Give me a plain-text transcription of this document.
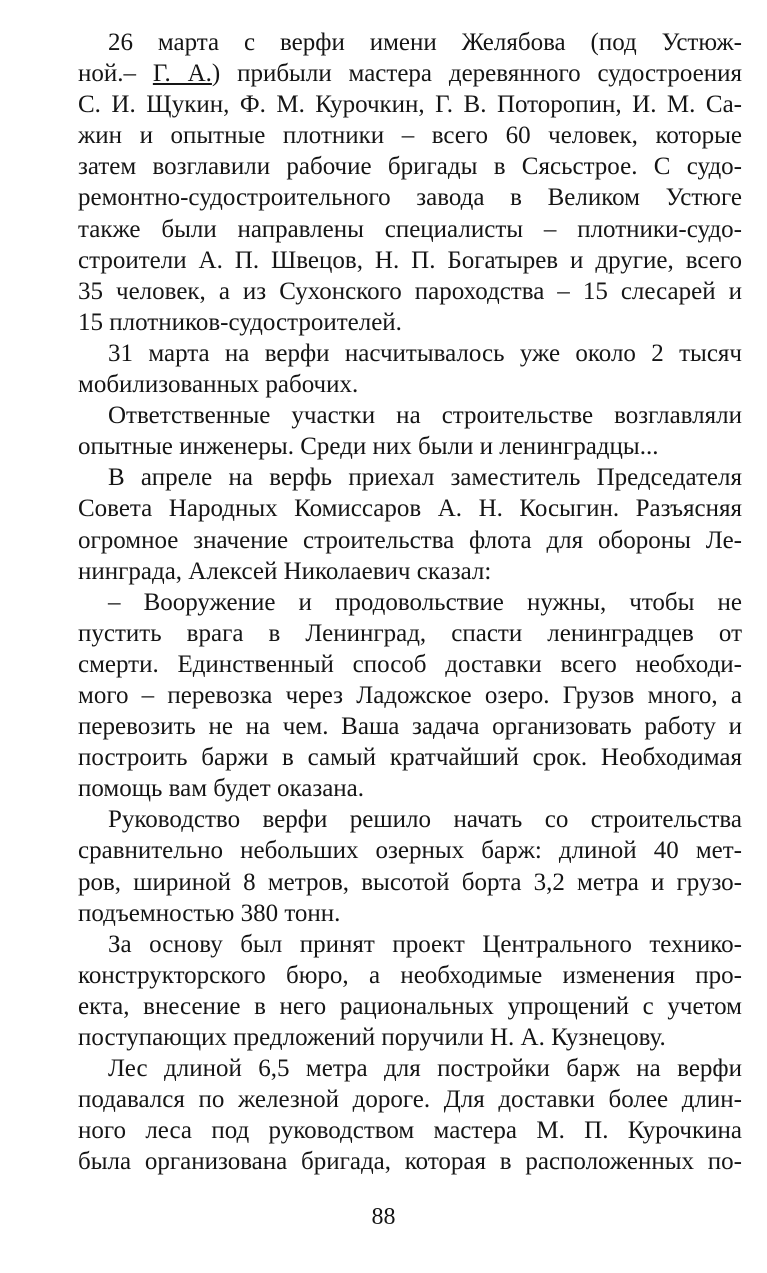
26 марта с верфи имени Желябова (под Устюж-
ной.– Г. А.) прибыли мастера деревянного судостроения
С. И. Щукин, Ф. М. Курочкин, Г. В. Поторопин, И. М. Са-
жин и опытные плотники – всего 60 человек, которые
затем возглавили рабочие бригады в Сясьстрое. С судо-
ремонтно-судостроительного завода в Великом Устюге
также были направлены специалисты – плотники-судо-
строители А. П. Швецов, Н. П. Богатырев и другие, всего
35 человек, а из Сухонского пароходства – 15 слесарей и
15 плотников-судостроителей.
31 марта на верфи насчитывалось уже около 2 тысяч
мобилизованных рабочих.
Ответственные участки на строительстве возглавляли
опытные инженеры. Среди них были и ленинградцы...
В апреле на верфь приехал заместитель Председателя
Совета Народных Комиссаров А. Н. Косыгин. Разъясняя
огромное значение строительства флота для обороны Ле-
нинграда, Алексей Николаевич сказал:
– Вооружение и продовольствие нужны, чтобы не
пустить врага в Ленинград, спасти ленинградцев от
смерти. Единственный способ доставки всего необходи-
мого – перевозка через Ладожское озеро. Грузов много, а
перевозить не на чем. Ваша задача организовать работу и
построить баржи в самый кратчайший срок. Необходимая
помощь вам будет оказана.
Руководство верфи решило начать со строительства
сравнительно небольших озерных барж: длиной 40 мет-
ров, шириной 8 метров, высотой борта 3,2 метра и грузо-
подъемностью 380 тонн.
За основу был принят проект Центрального технико-
конструкторского бюро, а необходимые изменения про-
екта, внесение в него рациональных упрощений с учетом
поступающих предложений поручили Н. А. Кузнецову.
Лес длиной 6,5 метра для постройки барж на верфи
подавался по железной дороге. Для доставки более длин-
ного леса под руководством мастера М. П. Курочкина
была организована бригада, которая в расположенных по-
88
